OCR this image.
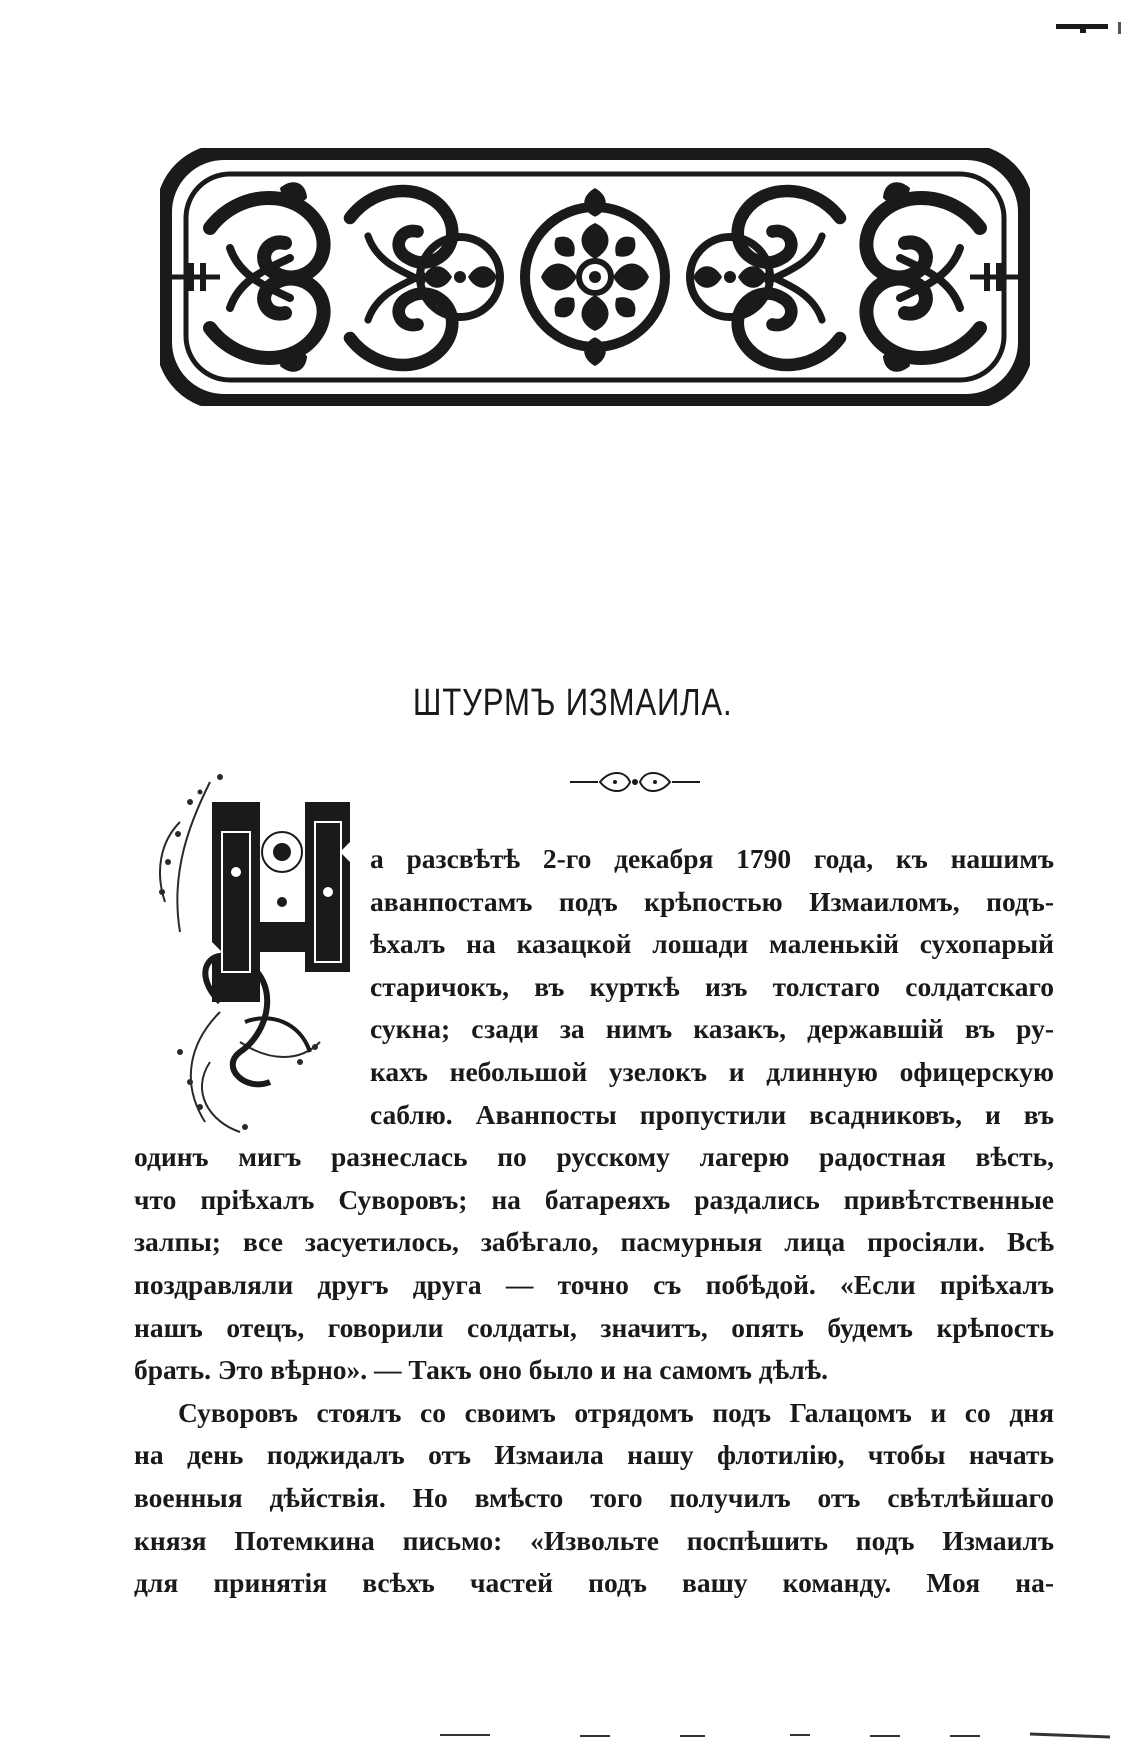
ШТУРМЪ ИЗМАИЛА.
а разсвѣтѣ 2-го декабря 1790 года, къ нашимъ
аванпостамъ подъ крѣпостью Измаиломъ, подъ-
ѣхалъ на казацкой лошади маленькій сухопарый
старичокъ, въ курткѣ изъ толстаго солдатскаго
сукна; сзади за нимъ казакъ, державшій въ ру-
кахъ небольшой узелокъ и длинную офицерскую
саблю. Аванпосты пропустили всадниковъ, и въ
одинъ мигъ разнеслась по русскому лагерю радостная вѣсть,
что пріѣхалъ Суворовъ; на батареяхъ раздались привѣтственные
залпы; все засуетилось, забѣгало, пасмурныя лица просіяли. Всѣ
поздравляли другъ друга — точно съ побѣдой. «Если пріѣхалъ
нашъ отецъ, говорили солдаты, значитъ, опять будемъ крѣпость
брать. Это вѣрно». — Такъ оно было и на самомъ дѣлѣ.
Суворовъ стоялъ со своимъ отрядомъ подъ Галацомъ и со дня
на день поджидалъ отъ Измаила нашу флотилію, чтобы начать
военныя дѣйствія. Но вмѣсто того получилъ отъ свѣтлѣйшаго
князя Потемкина письмо: «Извольте поспѣшить подъ Измаилъ
для принятія всѣхъ частей подъ вашу команду. Моя на-
